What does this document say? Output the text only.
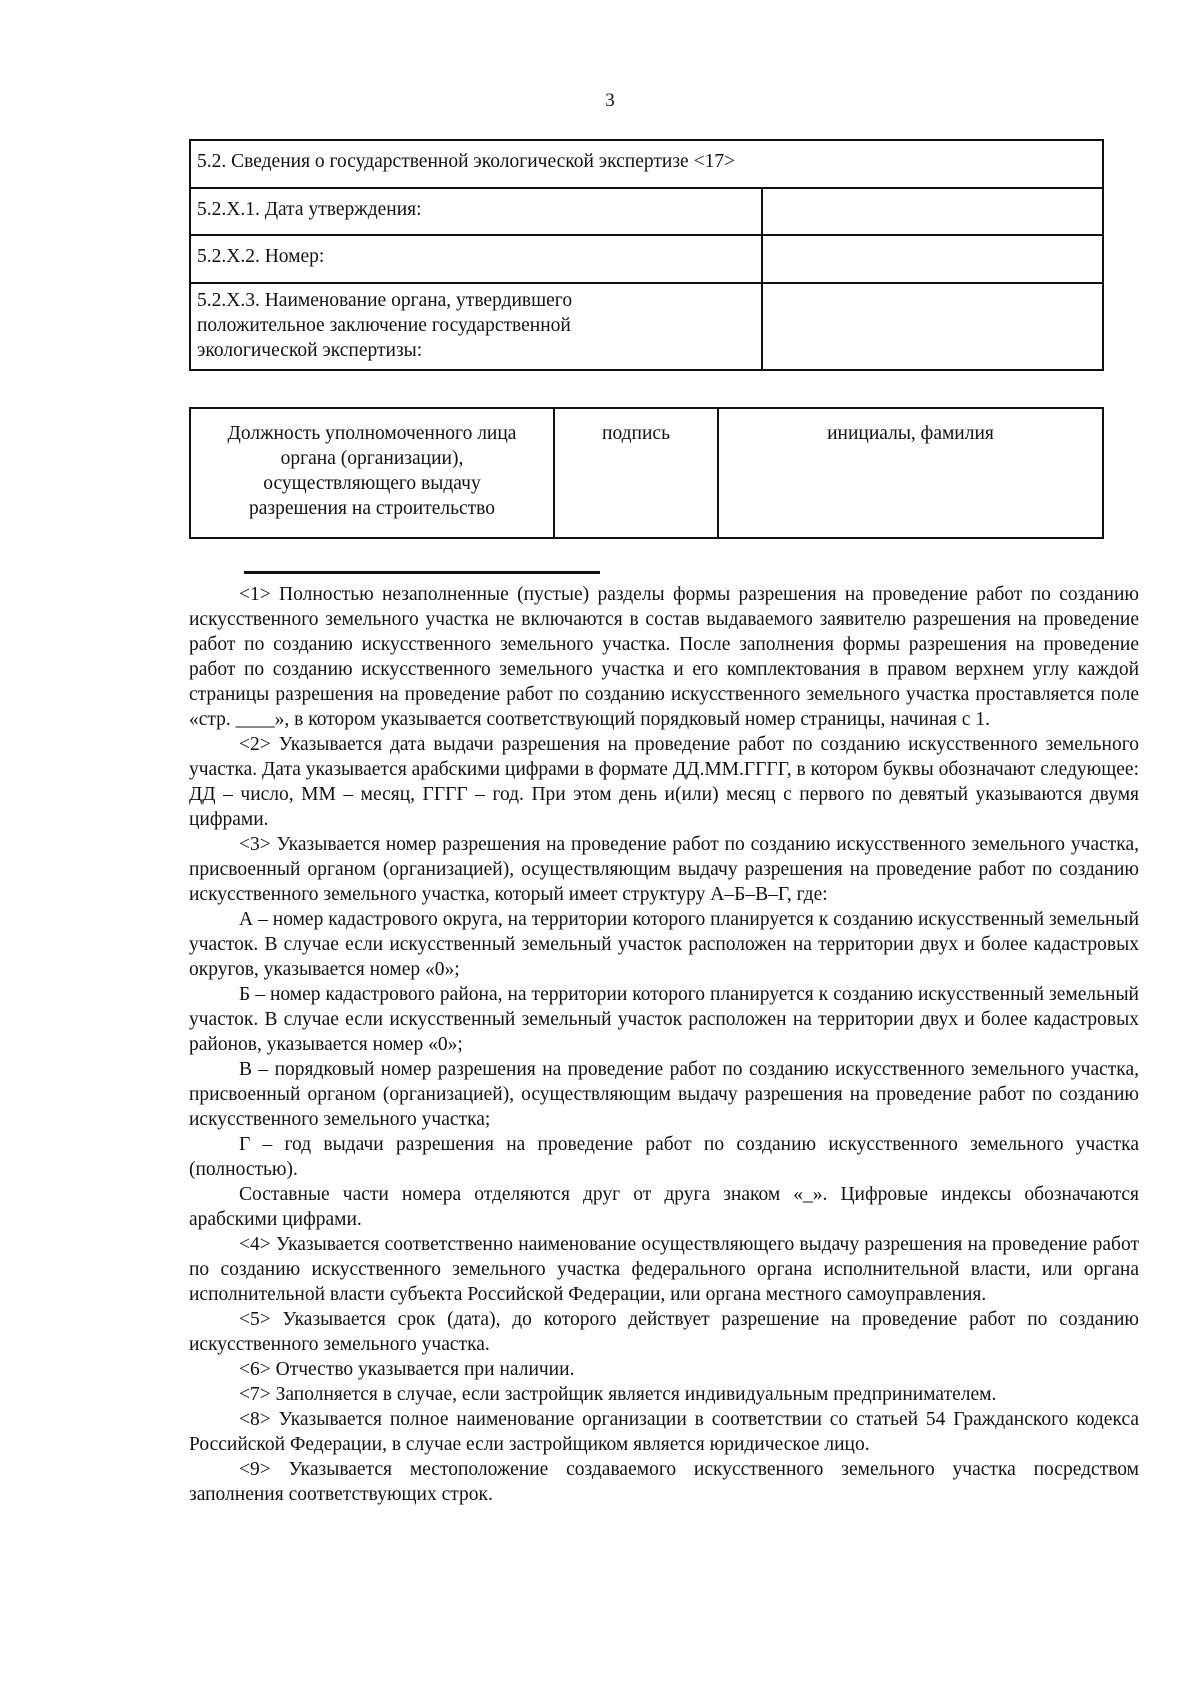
3
5.2. Сведения о государственной экологической экспертизе <17>	
5.2.X.1. Дата утверждения:	
5.2.X.2. Номер:	

5.2.X.3. Наименование органа, утвердившего
положительное заключение государственной
экологической экспертизы:	

Должность уполномоченного лица
органа (организации),
осуществляющего выдачу
разрешения на строительство
	подпись	инициалы, фамилия

<1> Полностью незаполненные (пустые) разделы формы разрешения на проведение работ по созданию искусственного земельного участка не включаются в состав выдаваемого заявителю разрешения на проведение работ по созданию искусственного земельного участка. После заполнения формы разрешения на проведение работ по созданию искусственного земельного участка и его комплектования в правом верхнем углу каждой страницы разрешения на проведение работ по созданию искусственного земельного участка проставляется поле «стр. ____», в котором указывается соответствующий порядковый номер страницы, начиная с 1.

<2> Указывается дата выдачи разрешения на проведение работ по созданию искусственного земельного участка. Дата указывается арабскими цифрами в формате ДД.ММ.ГГГГ, в котором буквы обозначают следующее: ДД – число, ММ – месяц, ГГГГ – год. При этом день и(или) месяц с первого по девятый указываются двумя цифрами.

<3> Указывается номер разрешения на проведение работ по созданию искусственного земельного участка, присвоенный органом (организацией), осуществляющим выдачу разрешения на проведение работ по созданию искусственного земельного участка, который имеет структуру А–Б–В–Г, где:

А – номер кадастрового округа, на территории которого планируется к созданию искусственный земельный участок. В случае если искусственный земельный участок расположен на территории двух и более кадастровых округов, указывается номер «0»;

Б – номер кадастрового района, на территории которого планируется к созданию искусственный земельный участок. В случае если искусственный земельный участок расположен на территории двух и более кадастровых районов, указывается номер «0»;

В – порядковый номер разрешения на проведение работ по созданию искусственного земельного участка, присвоенный органом (организацией), осуществляющим выдачу разрешения на проведение работ по созданию искусственного земельного участка;

Г – год выдачи разрешения на проведение работ по созданию искусственного земельного участка (полностью).

Составные части номера отделяются друг от друга знаком «_». Цифровые индексы обозначаются арабскими цифрами.

<4> Указывается соответственно наименование осуществляющего выдачу разрешения на проведение работ по созданию искусственного земельного участка федерального органа исполнительной власти, или органа исполнительной власти субъекта Российской Федерации, или органа местного самоуправления.

<5> Указывается срок (дата), до которого действует разрешение на проведение работ по созданию искусственного земельного участка.

<6> Отчество указывается при наличии.

<7> Заполняется в случае, если застройщик является индивидуальным предпринимателем.

<8> Указывается полное наименование организации в соответствии со статьей 54 Гражданского кодекса Российской Федерации, в случае если застройщиком является юридическое лицо.

<9> Указывается местоположение создаваемого искусственного земельного участка посредством заполнения соответствующих строк.
